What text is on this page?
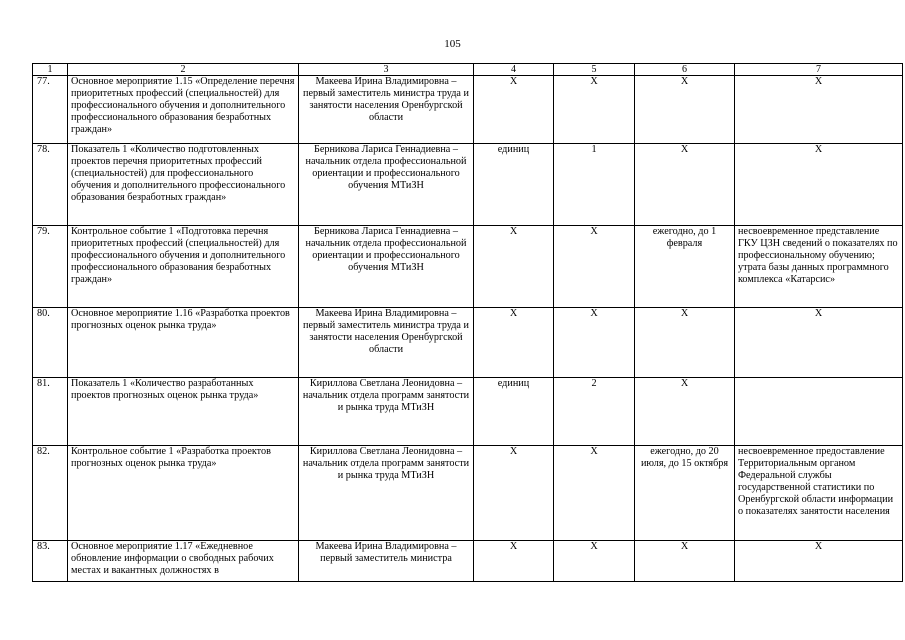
105
1	2	3	4	5	6	7
77.	Основное мероприятие 1.15 «Определение перечня приоритетных профессий (специальностей) для профессионального обучения и дополнительного профессионального образования безработных граждан»	Макеева Ирина Владимировна – первый заместитель министра труда и занятости населения Оренбургской области	X	X	X	X
78.	Показатель 1 «Количество подготовленных проектов перечня приоритетных профессий (специальностей) для профессионального обучения и дополнительного профессионального образования безработных граждан»	Берникова Лариса Геннадиевна – начальник отдела профессиональной ориентации и профессионального обучения МТиЗН	единиц	1	X	X
79.	Контрольное событие 1 «Подготовка перечня приоритетных профессий (специальностей) для профессионального обучения и дополнительного профессионального образования безработных граждан»	Берникова Лариса Геннадиевна – начальник отдела профессиональной ориентации и профессионального обучения МТиЗН	X	X	ежегодно, до 1 февраля	несвоевременное представление ГКУ ЦЗН сведений о показателях по профессиональному обучению; утрата базы данных программного комплекса «Катарсис»
80.	Основное мероприятие 1.16 «Разработка проектов прогнозных оценок рынка труда»	Макеева Ирина Владимировна – первый заместитель министра труда и занятости населения Оренбургской области	X	X	X	X
81.	Показатель 1 «Количество разработанных проектов прогнозных оценок рынка труда»	Кириллова Светлана Леонидовна – начальник отдела программ занятости и рынка труда МТиЗН	единиц	2	X	
82.	Контрольное событие 1 «Разработка проектов прогнозных оценок рынка труда»	Кириллова Светлана Леонидовна – начальник отдела программ занятости и рынка труда МТиЗН	X	X	ежегодно, до 20 июля, до 15 октября	несвоевременное предоставление Территориальным органом Федеральной службы государственной статистики по Оренбургской области информации о показателях занятости населения
83.	Основное мероприятие 1.17 «Ежедневное обновление информации о свободных рабочих местах и вакантных должностях в	Макеева Ирина Владимировна – первый заместитель министра	X	X	X	X
